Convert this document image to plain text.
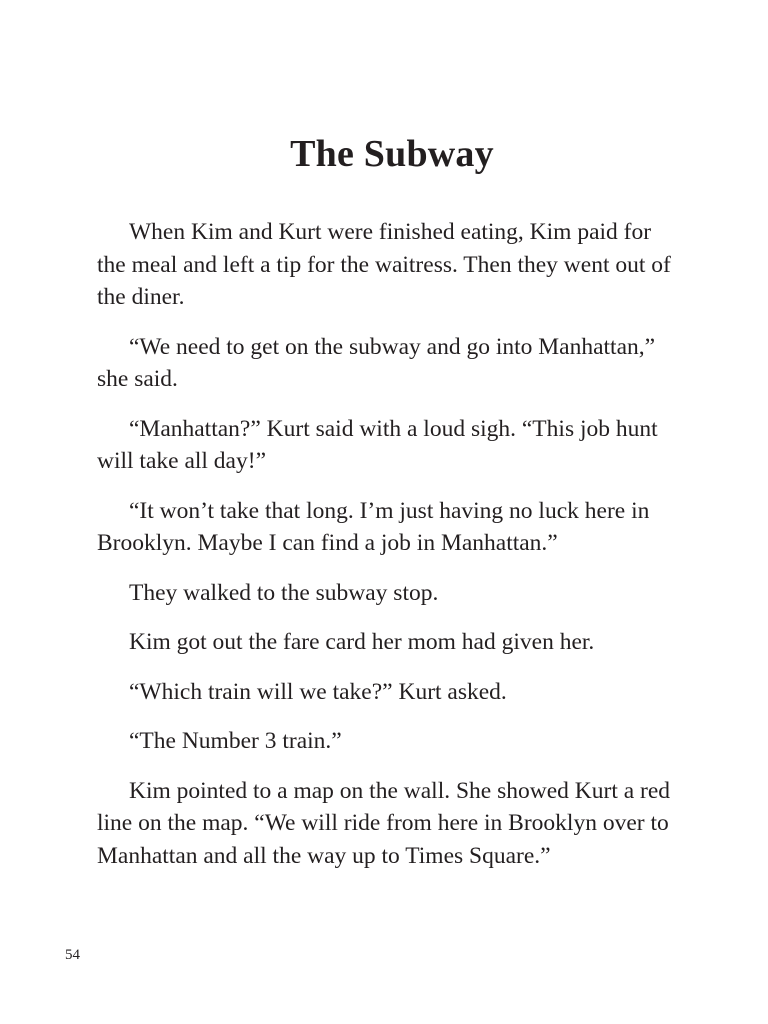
The Subway

When Kim and Kurt were finished eating, Kim paid for the meal and left a tip for the waitress. Then they went out of the diner.

“We need to get on the subway and go into Manhattan,” she said.

“Manhattan?” Kurt said with a loud sigh. “This job hunt will take all day!”

“It won’t take that long. I’m just having no luck here in Brooklyn. Maybe I can find a job in Manhattan.”

They walked to the subway stop.

Kim got out the fare card her mom had given her.

“Which train will we take?” Kurt asked.

“The Number 3 train.”

Kim pointed to a map on the wall. She showed Kurt a red line on the map. “We will ride from here in Brooklyn over to Manhattan and all the way up to Times Square.”

54
